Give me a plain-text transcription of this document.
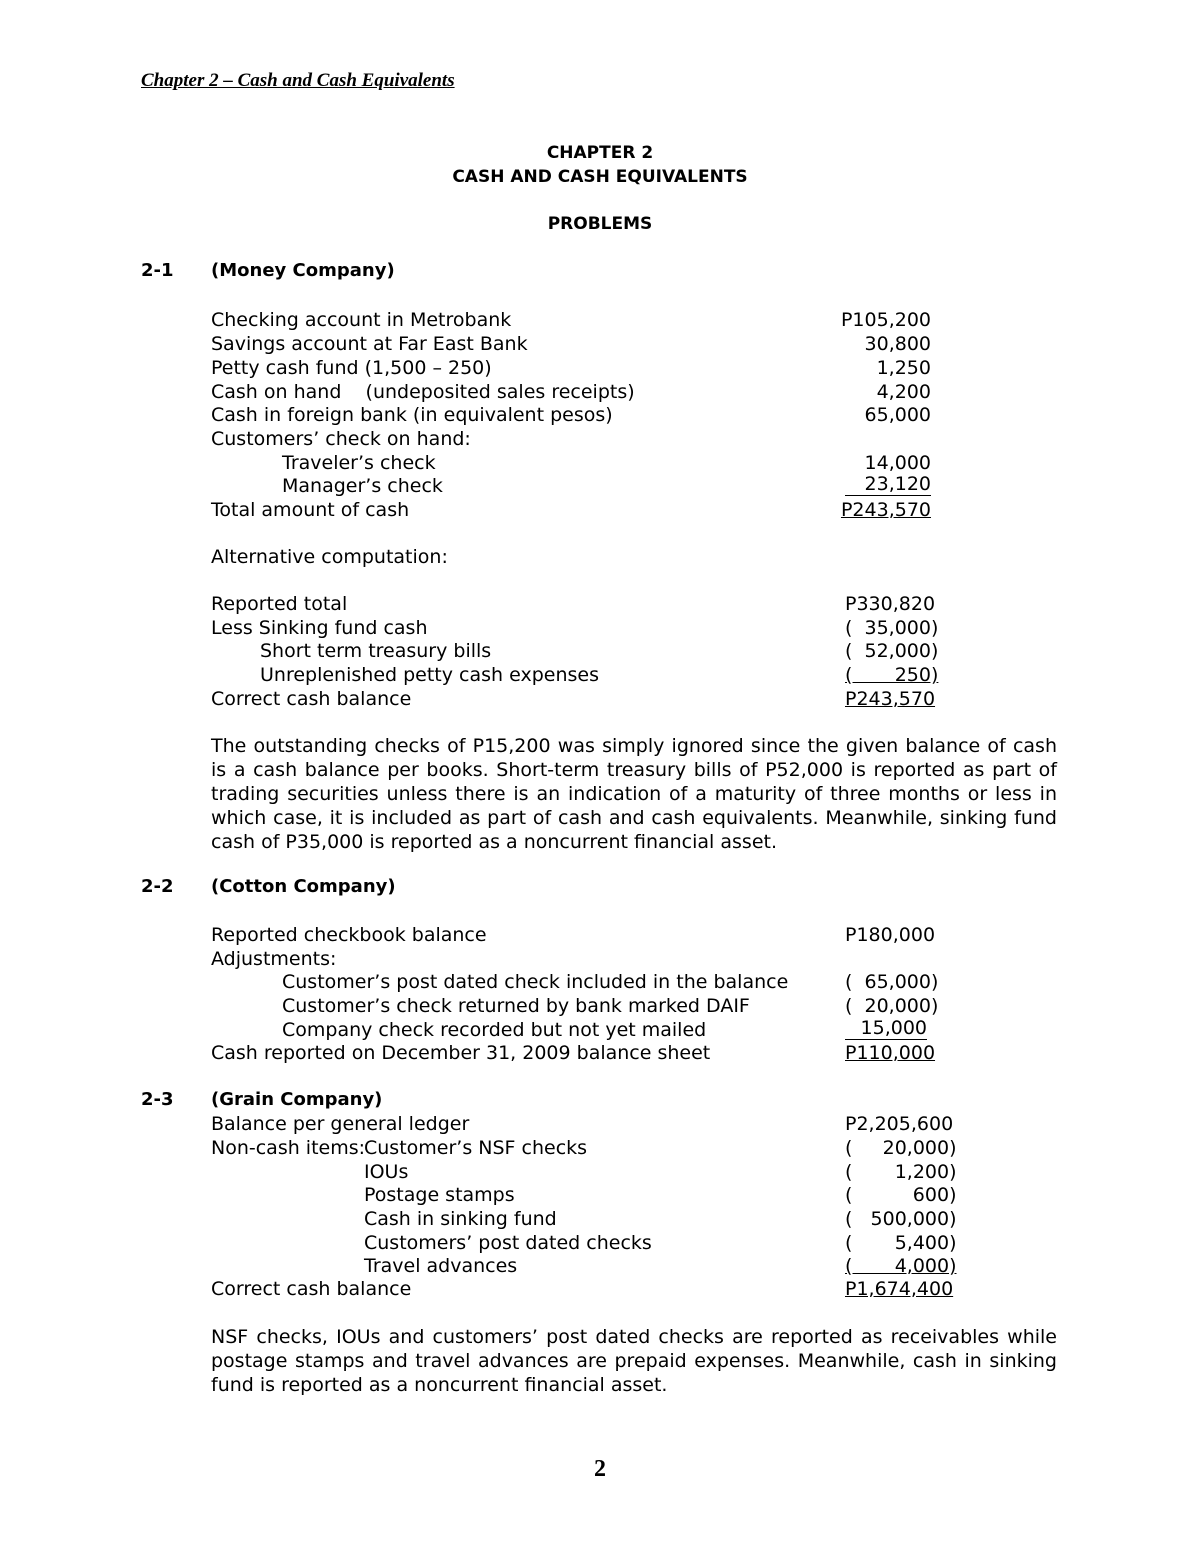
Chapter 2 – Cash and Cash Equivalents
CHAPTER 2
CASH AND CASH EQUIVALENTS
PROBLEMS
2-1 (Money Company)
Checking account in Metrobank	P105,200
Savings account at Far East Bank	30,800
Petty cash fund (1,500 – 250)	1,250
Cash on hand    (undeposited sales receipts)	4,200
Cash in foreign bank (in equivalent pesos)	65,000
Customers’ check on hand:
Traveler’s check	14,000
Manager’s check	23,120
Total amount of cash	P243,570
Alternative computation:
Reported total	P330,820
Less Sinking fund cash	(  35,000)
Short term treasury bills	(  52,000)
Unreplenished petty cash expenses	(       250)
Correct cash balance	P243,570
The outstanding checks of P15,200 was simply ignored since the given balance of cash is a cash balance per books. Short-term treasury bills of P52,000 is reported as part of trading securities unless there is an indication of a maturity of three months or less in which case, it is included as part of cash and cash equivalents. Meanwhile, sinking fund cash of P35,000 is reported as a noncurrent financial asset.
2-2 (Cotton Company)
Reported checkbook balance	P180,000
Adjustments:
Customer’s post dated check included in the balance	(  65,000)
Customer’s check returned by bank marked DAIF	(  20,000)
Company check recorded but not yet mailed	15,000
Cash reported on December 31, 2009 balance sheet	P110,000
2-3 (Grain Company)
Balance per general ledger	P2,205,600
Non-cash items:
Customer’s NSF checks	(     20,000)
IOUs	(       1,200)
Postage stamps	(          600)
Cash in sinking fund	(   500,000)
Customers’ post dated checks	(       5,400)
Travel advances	(       4,000)
Correct cash balance	P1,674,400
NSF checks, IOUs and customers’ post dated checks are reported as receivables while postage stamps and travel advances are prepaid expenses. Meanwhile, cash in sinking fund is reported as a noncurrent financial asset.
2
